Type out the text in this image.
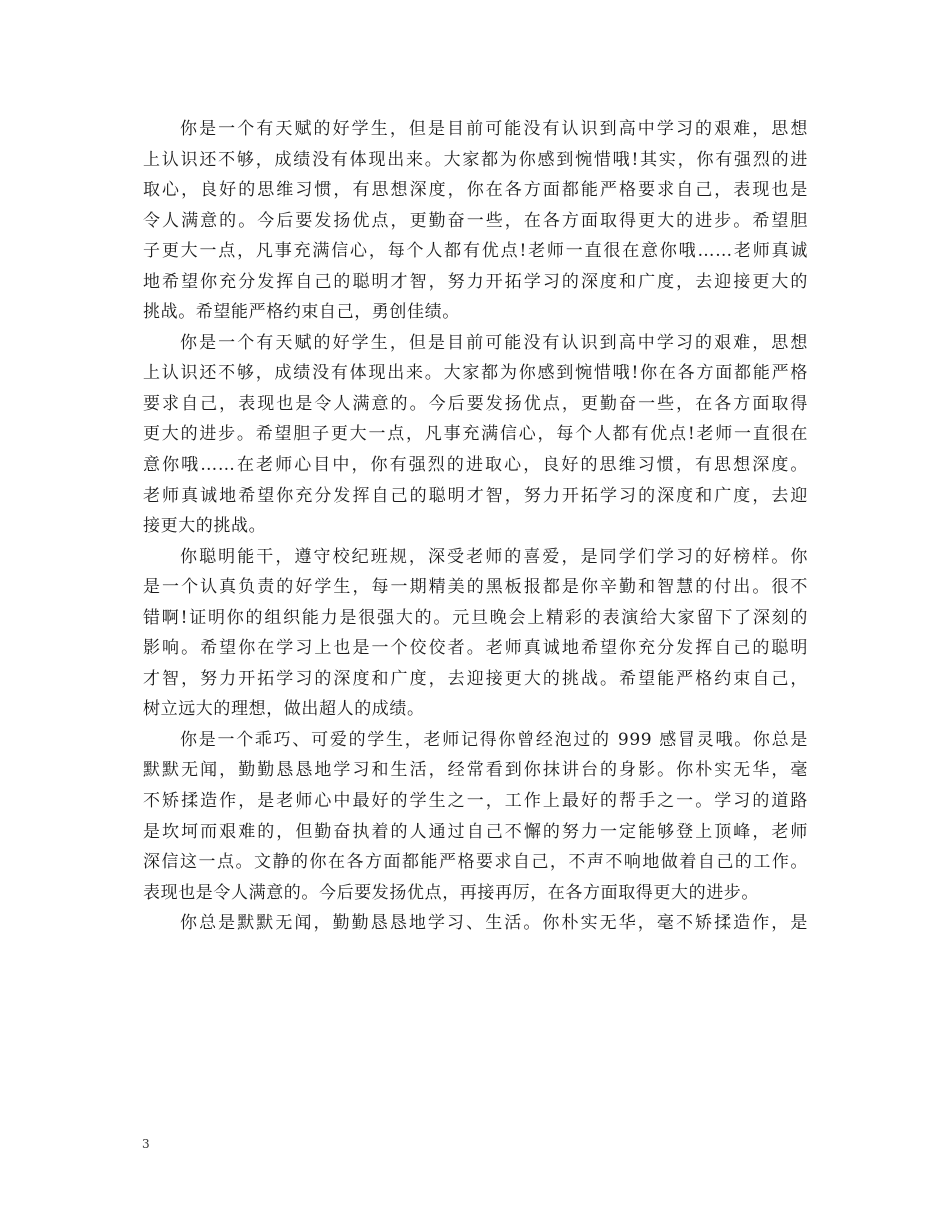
你是一个有天赋的好学生，但是目前可能没有认识到高中学习的艰难，思想
上认识还不够，成绩没有体现出来。大家都为你感到惋惜哦!其实，你有强烈的进
取心，良好的思维习惯，有思想深度，你在各方面都能严格要求自己，表现也是
令人满意的。今后要发扬优点，更勤奋一些，在各方面取得更大的进步。希望胆
子更大一点，凡事充满信心，每个人都有优点!老师一直很在意你哦……老师真诚
地希望你充分发挥自己的聪明才智，努力开拓学习的深度和广度，去迎接更大的
挑战。希望能严格约束自己，勇创佳绩。
你是一个有天赋的好学生，但是目前可能没有认识到高中学习的艰难，思想
上认识还不够，成绩没有体现出来。大家都为你感到惋惜哦!你在各方面都能严格
要求自己，表现也是令人满意的。今后要发扬优点，更勤奋一些，在各方面取得
更大的进步。希望胆子更大一点，凡事充满信心，每个人都有优点!老师一直很在
意你哦……在老师心目中，你有强烈的进取心，良好的思维习惯，有思想深度。
老师真诚地希望你充分发挥自己的聪明才智，努力开拓学习的深度和广度，去迎
接更大的挑战。
你聪明能干，遵守校纪班规，深受老师的喜爱，是同学们学习的好榜样。你
是一个认真负责的好学生，每一期精美的黑板报都是你辛勤和智慧的付出。很不
错啊!证明你的组织能力是很强大的。元旦晚会上精彩的表演给大家留下了深刻的
影响。希望你在学习上也是一个佼佼者。老师真诚地希望你充分发挥自己的聪明
才智，努力开拓学习的深度和广度，去迎接更大的挑战。希望能严格约束自己，
树立远大的理想，做出超人的成绩。
你是一个乖巧、可爱的学生，老师记得你曾经泡过的 999 感冒灵哦。你总是
默默无闻，勤勤恳恳地学习和生活，经常看到你抹讲台的身影。你朴实无华，毫
不矫揉造作，是老师心中最好的学生之一，工作上最好的帮手之一。学习的道路
是坎坷而艰难的，但勤奋执着的人通过自己不懈的努力一定能够登上顶峰，老师
深信这一点。文静的你在各方面都能严格要求自己，不声不响地做着自己的工作。
表现也是令人满意的。今后要发扬优点，再接再厉，在各方面取得更大的进步。
你总是默默无闻，勤勤恳恳地学习、生活。你朴实无华，毫不矫揉造作，是
3
